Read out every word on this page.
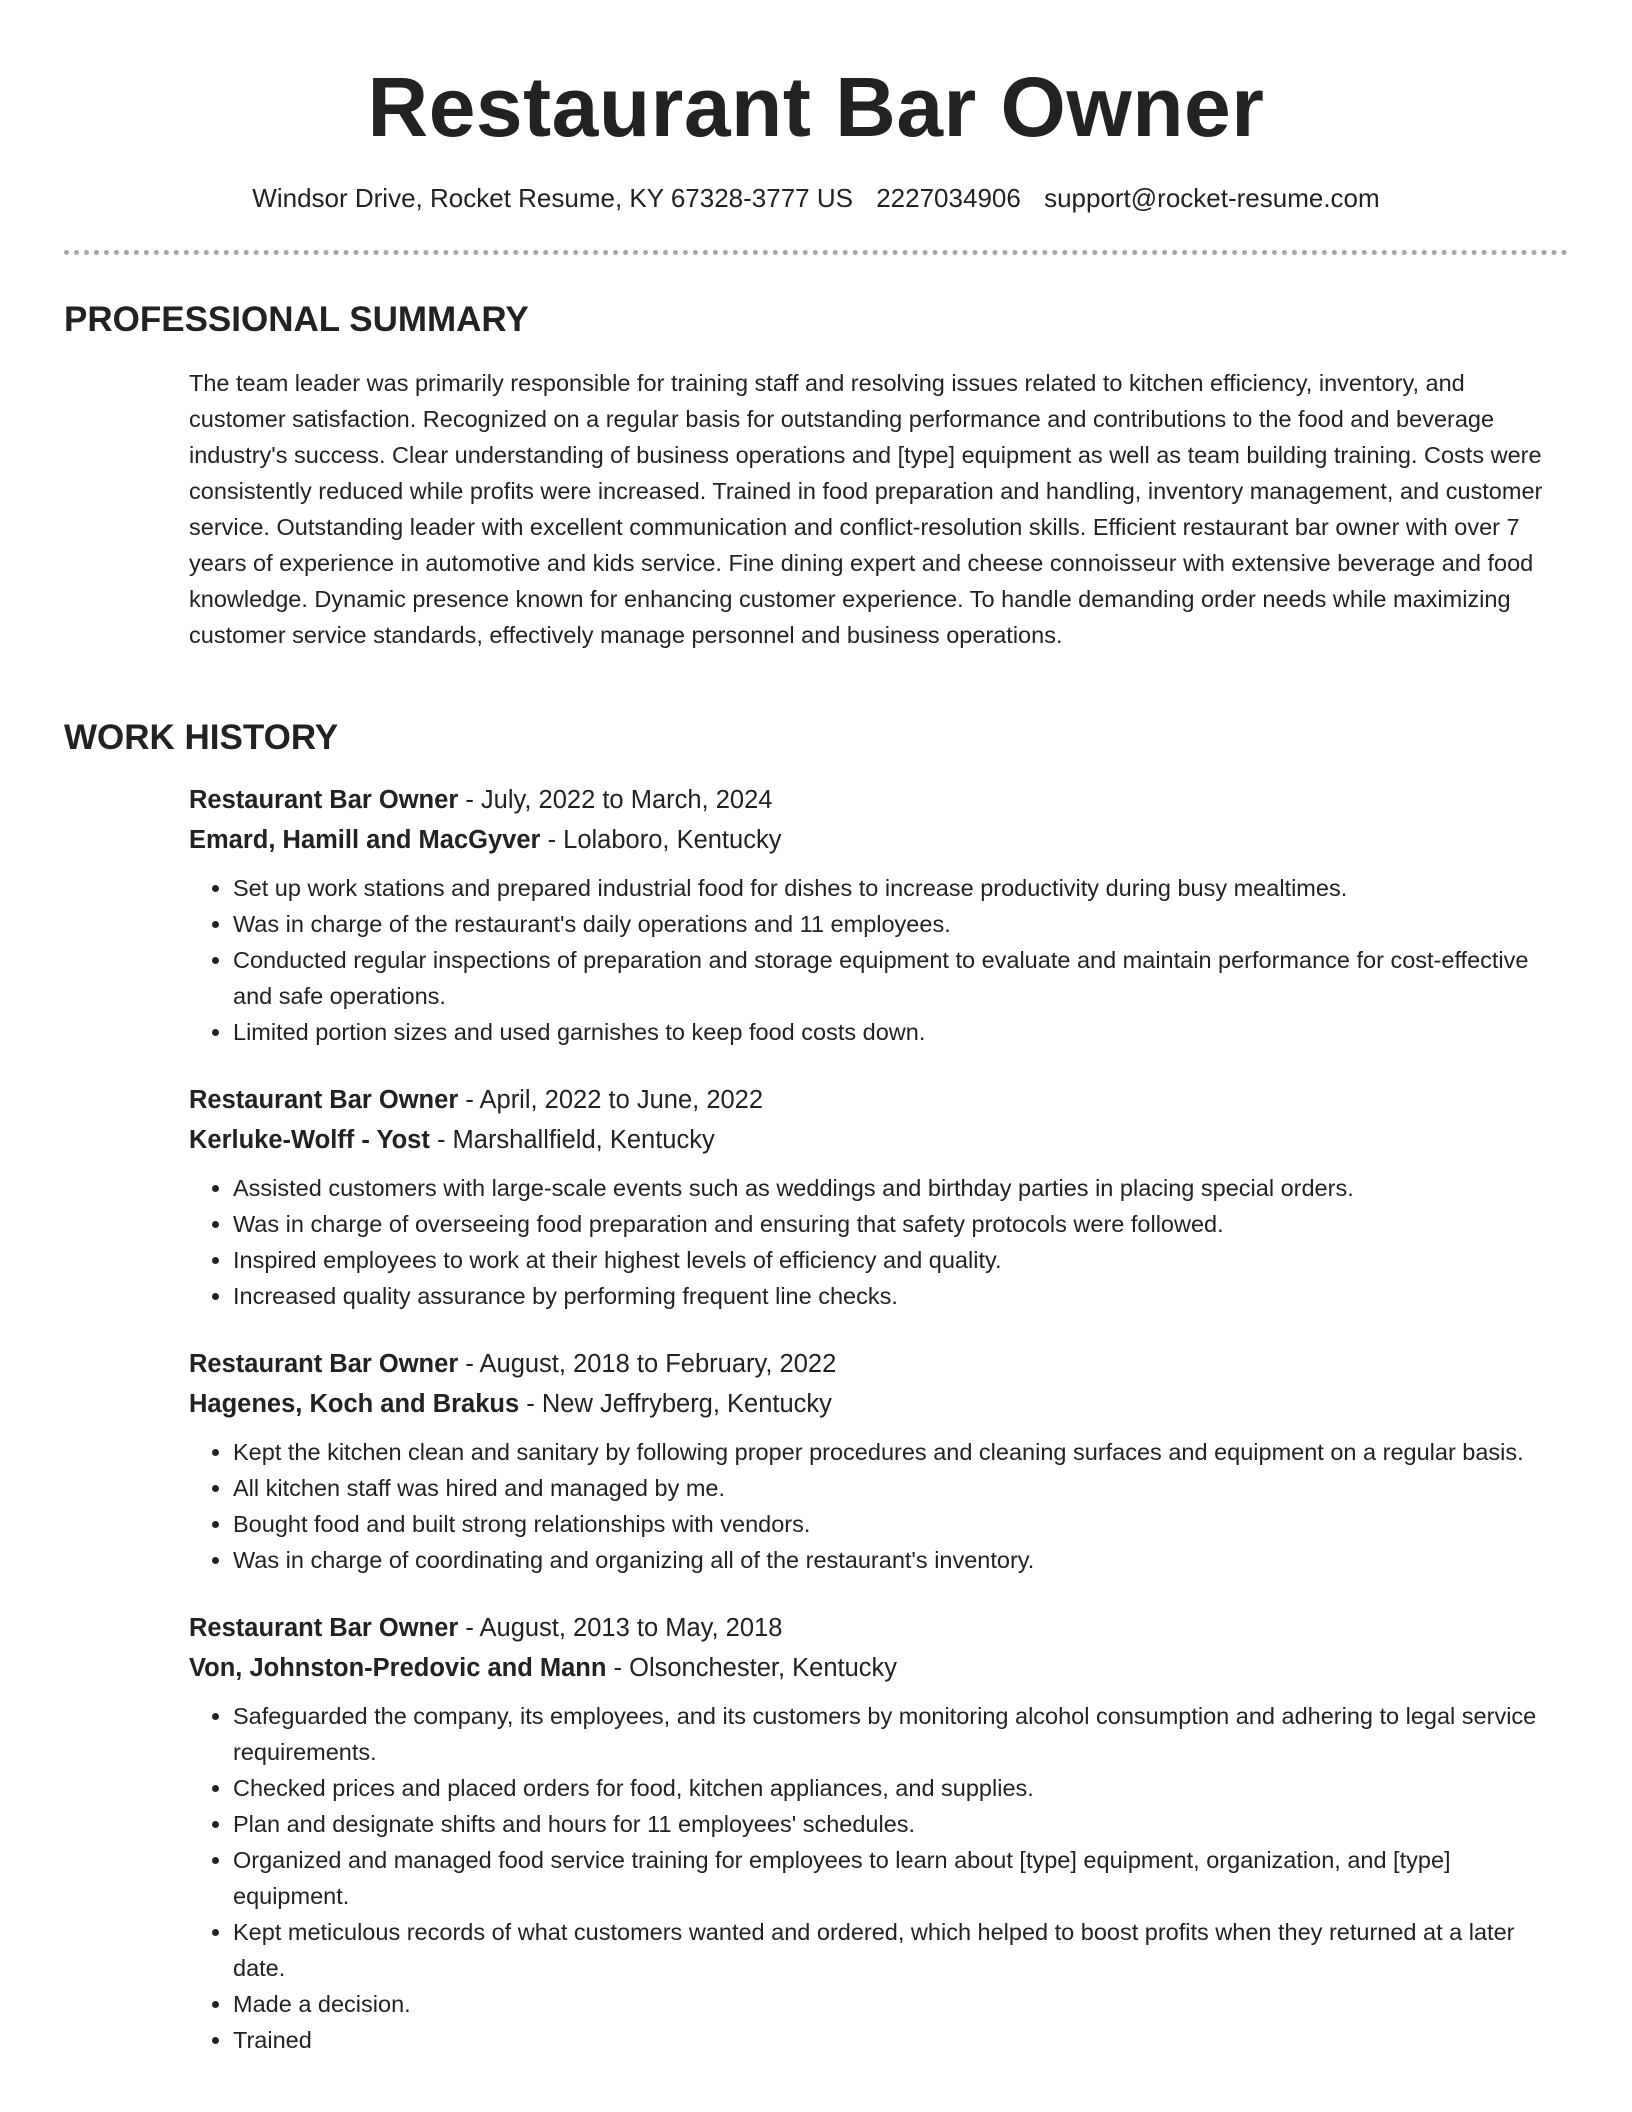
Restaurant Bar Owner
Windsor Drive, Rocket Resume, KY 67328-3777 US 2227034906 support@rocket-resume.com
PROFESSIONAL SUMMARY

The team leader was primarily responsible for training staff and resolving issues related to kitchen efficiency, inventory, and customer satisfaction. Recognized on a regular basis for outstanding performance and contributions to the food and beverage industry's success. Clear understanding of business operations and [type] equipment as well as team building training. Costs were consistently reduced while profits were increased. Trained in food preparation and handling, inventory management, and customer service. Outstanding leader with excellent communication and conflict-resolution skills. Efficient restaurant bar owner with over 7 years of experience in automotive and kids service. Fine dining expert and cheese connoisseur with extensive beverage and food knowledge. Dynamic presence known for enhancing customer experience. To handle demanding order needs while maximizing customer service standards, effectively manage personnel and business operations.

WORK HISTORY
Restaurant Bar Owner - July, 2022 to March, 2024
Emard, Hamill and MacGyver - Lolaboro, Kentucky
• Set up work stations and prepared industrial food for dishes to increase productivity during busy mealtimes.
• Was in charge of the restaurant's daily operations and 11 employees.
• Conducted regular inspections of preparation and storage equipment to evaluate and maintain performance for cost-effective and safe operations.
• Limited portion sizes and used garnishes to keep food costs down.
Restaurant Bar Owner - April, 2022 to June, 2022
Kerluke-Wolff - Yost - Marshallfield, Kentucky
• Assisted customers with large-scale events such as weddings and birthday parties in placing special orders.
• Was in charge of overseeing food preparation and ensuring that safety protocols were followed.
• Inspired employees to work at their highest levels of efficiency and quality.
• Increased quality assurance by performing frequent line checks.
Restaurant Bar Owner - August, 2018 to February, 2022
Hagenes, Koch and Brakus - New Jeffryberg, Kentucky
• Kept the kitchen clean and sanitary by following proper procedures and cleaning surfaces and equipment on a regular basis.
• All kitchen staff was hired and managed by me.
• Bought food and built strong relationships with vendors.
• Was in charge of coordinating and organizing all of the restaurant's inventory.
Restaurant Bar Owner - August, 2013 to May, 2018
Von, Johnston-Predovic and Mann - Olsonchester, Kentucky
• Safeguarded the company, its employees, and its customers by monitoring alcohol consumption and adhering to legal service requirements.
• Checked prices and placed orders for food, kitchen appliances, and supplies.
• Plan and designate shifts and hours for 11 employees' schedules.
• Organized and managed food service training for employees to learn about [type] equipment, organization, and [type] equipment.
• Kept meticulous records of what customers wanted and ordered, which helped to boost profits when they returned at a later date.
• Made a decision.
• Trained
